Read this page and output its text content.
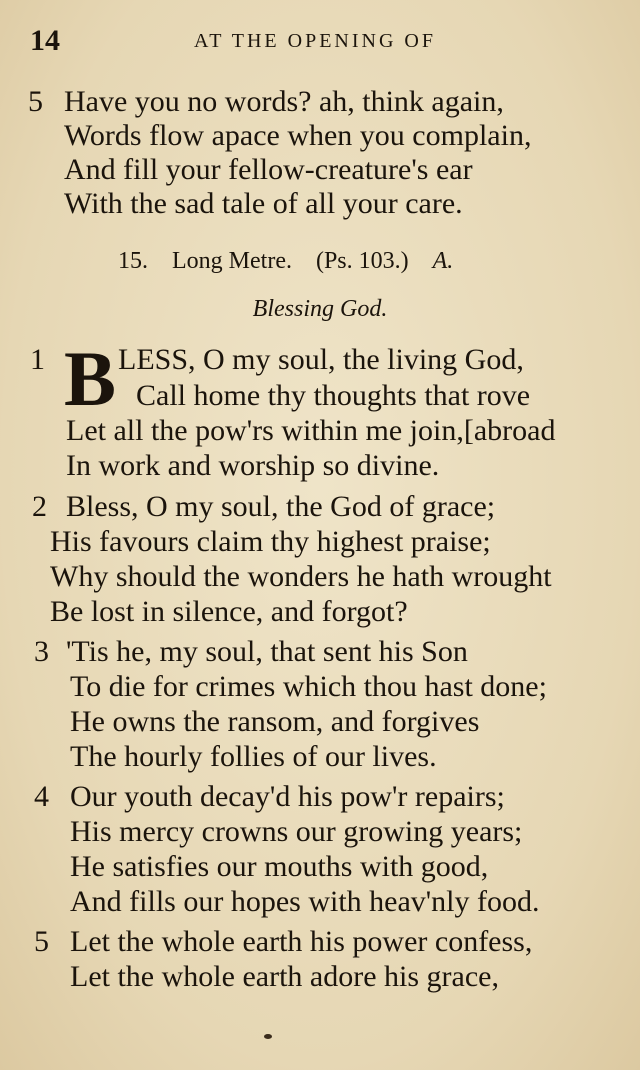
14	AT THE OPENING OF
5 Have you no words? ah, think again,
Words flow apace when you complain,
And fill your fellow-creature's ear
With the sad tale of all your care.
15. Long Metre. (Ps. 103.) A.
Blessing God.
1 B LESS, O my soul, the living God,
Call home thy thoughts that rove
Let all the pow'rs within me join,[abroad
In work and worship so divine.
2 Bless, O my soul, the God of grace;
His favours claim thy highest praise;
Why should the wonders he hath wrought
Be lost in silence, and forgot?
3 'Tis he, my soul, that sent his Son
To die for crimes which thou hast done;
He owns the ransom, and forgives
The hourly follies of our lives.
4 Our youth decay'd his pow'r repairs;
His mercy crowns our growing years;
He satisfies our mouths with good,
And fills our hopes with heav'nly food.
5 Let the whole earth his power confess,
Let the whole earth adore his grace,
